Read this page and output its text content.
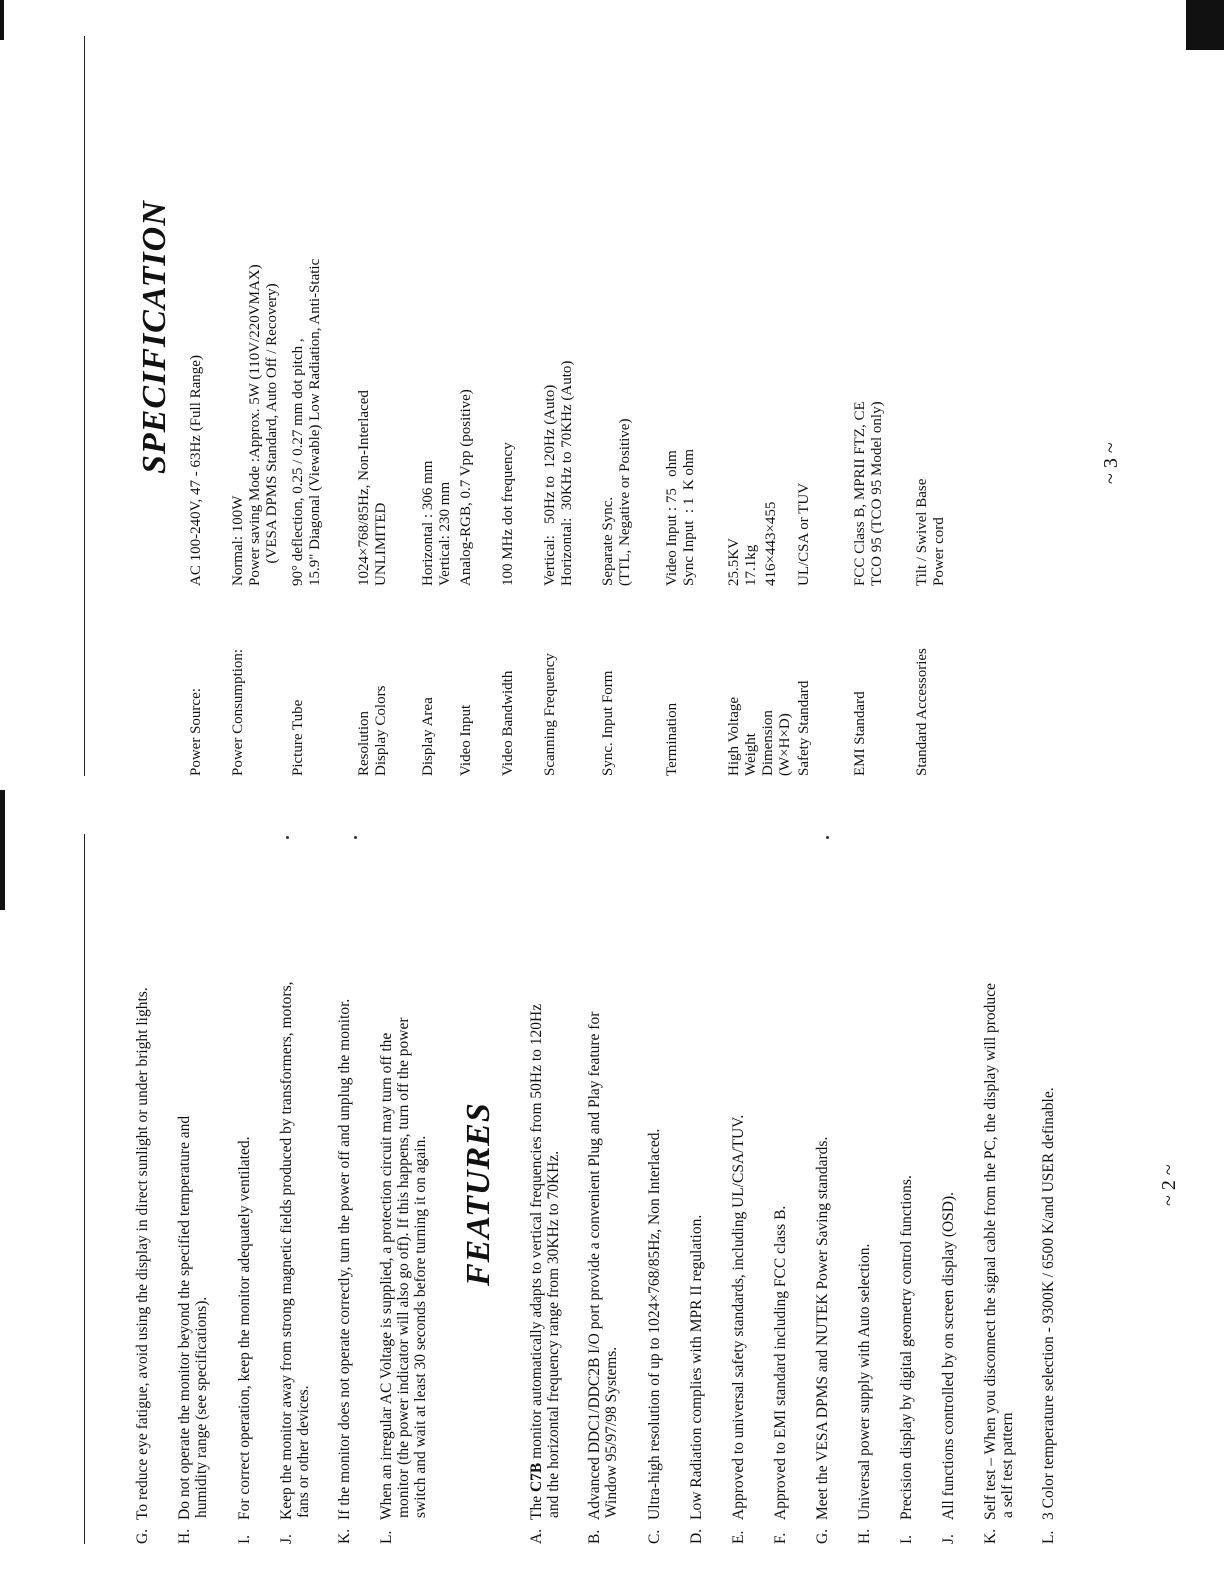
G.To reduce eye fatigue, avoid using the display in direct sunlight or under bright lights.
H.Do not operate the monitor beyond the specified temperature and humidity range (see specifications).
I.For correct operation, keep the monitor adequately ventilated.
J.Keep the monitor away from strong magnetic fields produced by transformers, motors, fans or other devices.
K.If the monitor does not operate correctly, turn the power off and unplug the monitor.
L.When an irregular AC Voltage is supplied, a protection circuit may turn off the monitor (the power indicator will also go off). If this happens, turn off the power switch and wait at least 30 seconds before turning it on again. FEATURES
A.The C7B monitor automatically adapts to vertical frequencies from 50Hz to 120Hz and the horizontal frequency range from 30KHz to 70KHz.
B.Advanced DDC1/DDC2B I/O port provide a convenient Plug and Play feature for Window 95/97/98 Systems.
C.Ultra-high resolution of up to 1024×768/85Hz, Non Interlaced.
D.Low Radiation complies with MPR II regulation.
E.Approved to universal safety standards, including UL/CSA/TUV.
F.Approved to EMI standard including FCC class B.
G.Meet the VESA DPMS and NUTEK Power Saving standards.
H.Universal power supply with Auto selection.
I.Precision display by digital geometry control functions.
J.All functions controlled by on screen display (OSD).
K.Self test – When you disconnect the signal cable from the PC, the display will produce a self test pattern
L.3 Color temperature selection - 9300K / 6500 K/and USER definable.	~ 2 ~
SPECIFICATION
Power Source:
AC 100-240V, 47 - 63Hz (Full Range)
Power Consumption:
Normal: 100W Power saving Mode :Approx. 5W (110V/220VMAX) (VESA DPMS Standard, Auto Off / Recovery)
Picture Tube
90° deflection, 0.25 / 0.27 mm dot pitch , 15.9" Diagonal (Viewable) Low Radiation, Anti-Static
Resolution Display Colors
1024×768/85Hz, Non-Interlaced UNLIMITED
Display Area
Horizontal : 306 mm Vertical: 230 mm
Video Input
Analog-RGB, 0.7 Vpp (positive)
Video Bandwidth
100 MHz dot frequency
Scanning Frequency
Vertical:   50Hz to  120Hz (Auto) Horizontal:  30KHz to 70KHz (Auto)
Sync. Input Form
Separate Sync. (TTL, Negative or Positive)
Termination
Video Input : 75   ohm Sync Input  : 1  K ohm
High Voltage Weight Dimension (W×H×D)
25.5KV 17.1kg 416×443×455
Safety Standard
UL/CSA or TUV
EMI Standard
FCC Class B, MPRII FTZ, CE TCO 95 (TCO 95 Model only)
Standard Accessories
Tilt / Swivel Base Power cord
~ 3 ~
